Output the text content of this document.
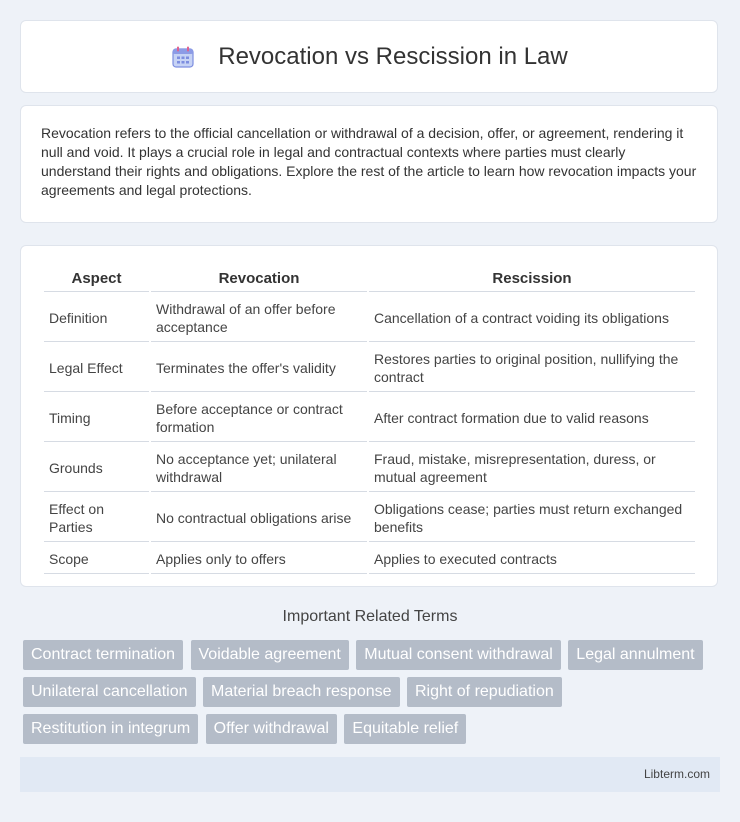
Revocation vs Rescission in Law

Revocation refers to the official cancellation or withdrawal of a decision, offer, or agreement, rendering it null and void. It plays a crucial role in legal and contractual contexts where parties must clearly understand their rights and obligations. Explore the rest of the article to learn how revocation impacts your agreements and legal protections.

Aspect	Revocation	Rescission
Definition	Withdrawal of an offer before acceptance	Cancellation of a contract voiding its obligations
Legal Effect	Terminates the offer's validity	Restores parties to original position, nullifying the contract
Timing	Before acceptance or contract formation	After contract formation due to valid reasons
Grounds	No acceptance yet; unilateral withdrawal	Fraud, mistake, misrepresentation, duress, or mutual agreement
Effect on Parties	No contractual obligations arise	Obligations cease; parties must return exchanged benefits
Scope	Applies only to offers	Applies to executed contracts
Important Related Terms
Contract termination Voidable agreement Mutual consent withdrawal Legal annulment
Unilateral cancellation Material breach response Right of repudiation
Restitution in integrum Offer withdrawal Equitable relief
Libterm.com
